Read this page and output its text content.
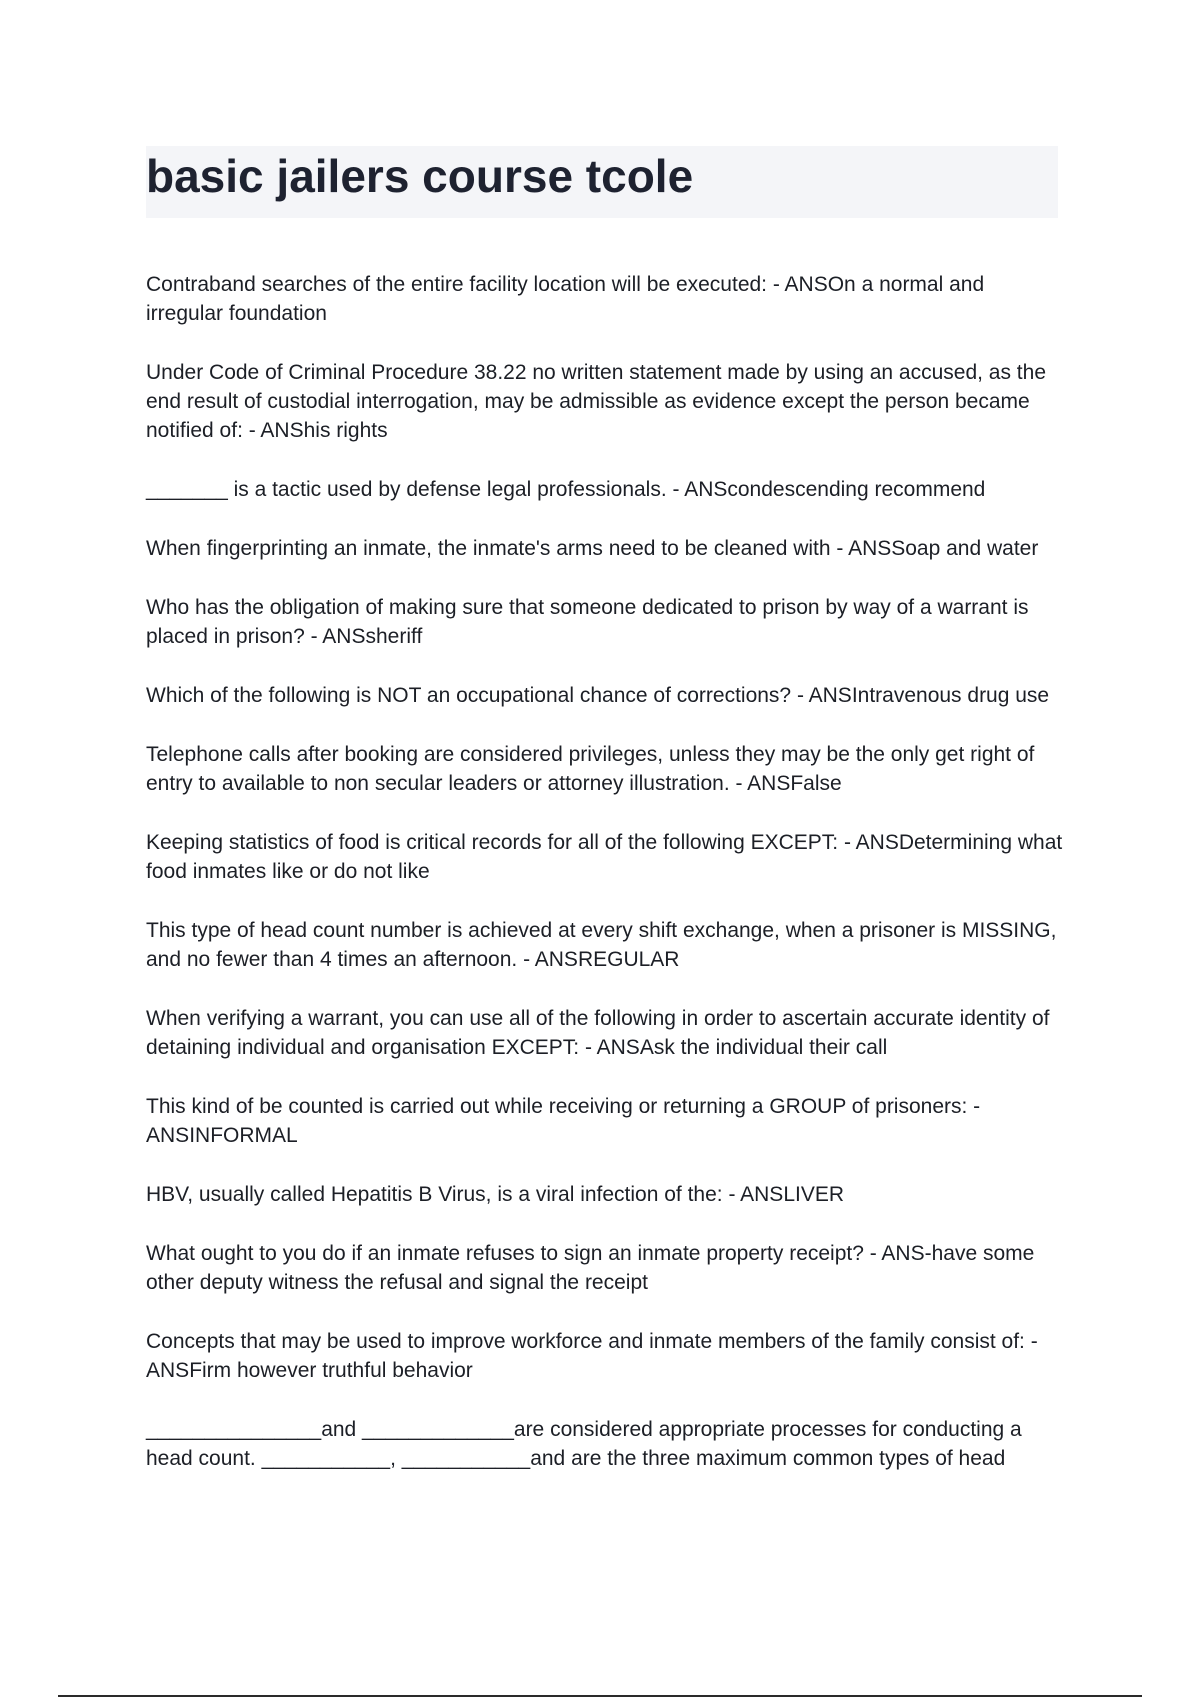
basic jailers course tcole

Contraband searches of the entire facility location will be executed: - ANSOn a normal and irregular foundation

Under Code of Criminal Procedure 38.22 no written statement made by using an accused, as the end result of custodial interrogation, may be admissible as evidence except the person became notified of: - ANShis rights

_______ is a tactic used by defense legal professionals. - ANScondescending recommend

When fingerprinting an inmate, the inmate's arms need to be cleaned with - ANSSoap and water

Who has the obligation of making sure that someone dedicated to prison by way of a warrant is placed in prison? - ANSsheriff

Which of the following is NOT an occupational chance of corrections? - ANSIntravenous drug use

Telephone calls after booking are considered privileges, unless they may be the only get right of entry to available to non secular leaders or attorney illustration. - ANSFalse

Keeping statistics of food is critical records for all of the following EXCEPT: - ANSDetermining what food inmates like or do not like

This type of head count number is achieved at every shift exchange, when a prisoner is MISSING, and no fewer than 4 times an afternoon. - ANSREGULAR

When verifying a warrant, you can use all of the following in order to ascertain accurate identity of detaining individual and organisation EXCEPT: - ANSAsk the individual their call

This kind of be counted is carried out while receiving or returning a GROUP of prisoners: - ANSINFORMAL

HBV, usually called Hepatitis B Virus, is a viral infection of the: - ANSLIVER

What ought to you do if an inmate refuses to sign an inmate property receipt? - ANS-have some other deputy witness the refusal and signal the receipt

Concepts that may be used to improve workforce and inmate members of the family consist of: - ANSFirm however truthful behavior

_______________and _____________are considered appropriate processes for conducting a head count. ___________, ___________and are the three maximum common types of head
